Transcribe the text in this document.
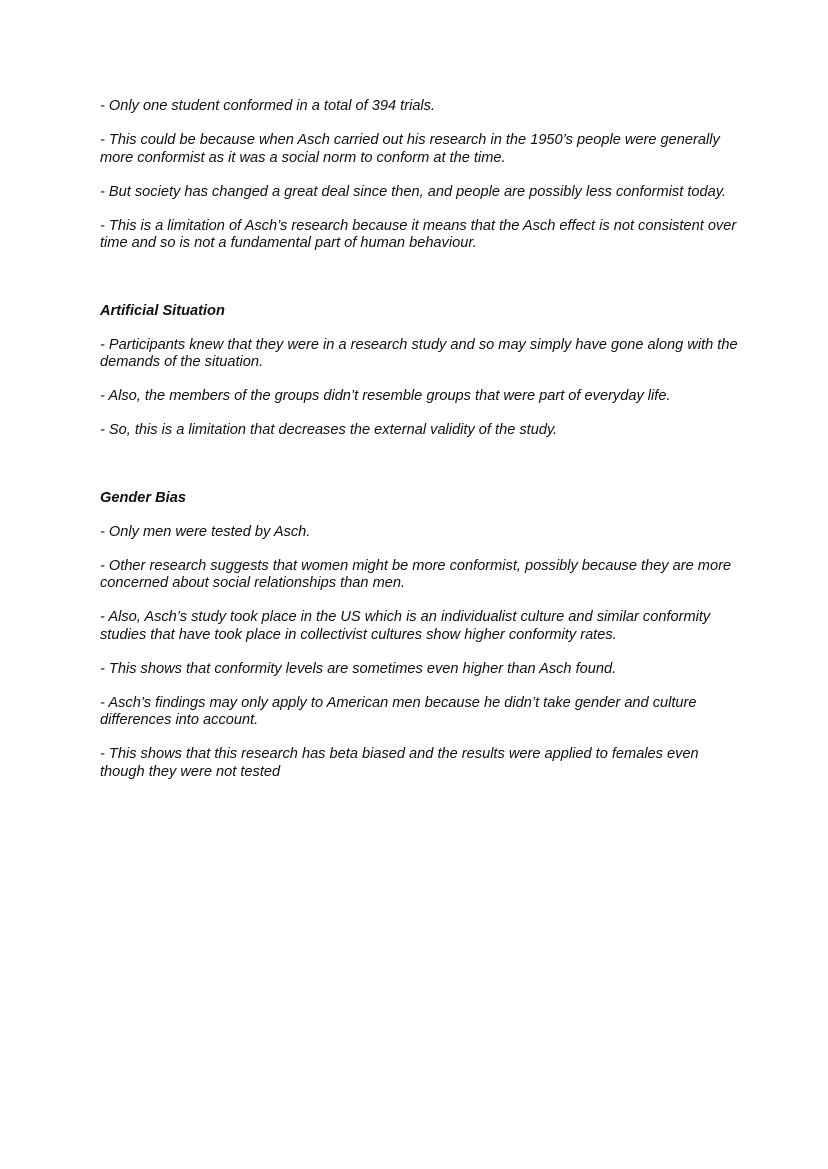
- Only one student conformed in a total of 394 trials.

- This could be because when Asch carried out his research in the 1950’s people were generally more conformist as it was a social norm to conform at the time.

- But society has changed a great deal since then, and people are possibly less conformist today.

- This is a limitation of Asch’s research because it means that the Asch effect is not consistent over time and so is not a fundamental part of human behaviour.

Artificial Situation

- Participants knew that they were in a research study and so may simply have gone along with the demands of the situation.

- Also, the members of the groups didn’t resemble groups that were part of everyday life.

- So, this is a limitation that decreases the external validity of the study.

Gender Bias

- Only men were tested by Asch.

- Other research suggests that women might be more conformist, possibly because they are more concerned about social relationships than men.

- Also, Asch’s study took place in the US which is an individualist culture and similar conformity studies that have took place in collectivist cultures show higher conformity rates.

- This shows that conformity levels are sometimes even higher than Asch found.

- Asch’s findings may only apply to American men because he didn’t take gender and culture differences into account.

- This shows that this research has beta biased and the results were applied to females even though they were not tested
